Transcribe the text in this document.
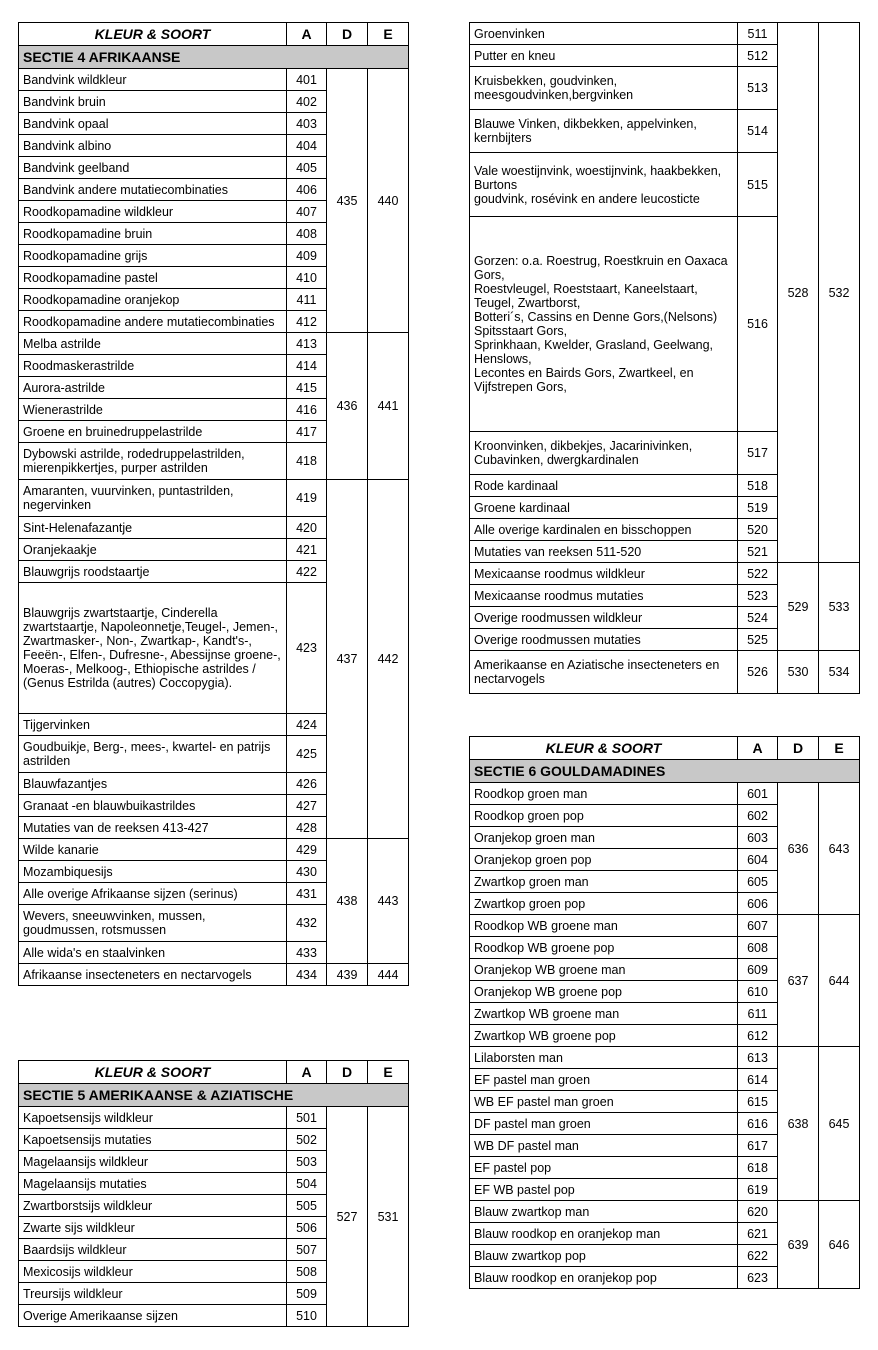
KLEUR & SOORT	A	D	E
SECTIE 4 AFRIKAANSE			
Bandvink wildkleur	401	435	440
Bandvink bruin	402		
Bandvink opaal	403		
Bandvink albino	404		
Bandvink geelband	405		
Bandvink andere mutatiecombinaties	406		
Roodkopamadine wildkleur	407		
Roodkopamadine bruin	408		
Roodkopamadine grijs	409		
Roodkopamadine pastel	410		
Roodkopamadine oranjekop	411		
Roodkopamadine andere mutatiecombinaties	412		
Melba astrilde	413	436	441
Roodmaskerastrilde	414		
Aurora-astrilde	415		
Wienerastrilde	416		
Groene en bruinedruppelastrilde	417		
Dybowski astrilde, rodedruppelastrilden, mierenpikkertjes, purper astrilden	418		
Amaranten, vuurvinken, puntastrilden, negervinken	419	437	442
Sint-Helenafazantje	420		
Oranjekaakje	421		
Blauwgrijs roodstaartje	422		
Blauwgrijs zwartstaartje, Cinderella zwartstaartje, Napoleonnetje,Teugel-, Jemen-, Zwartmasker-, Non-, Zwartkap-, Kandt's-, Feeën-, Elfen-, Dufresne-, Abessijnse groene-, Moeras-, Melkoog-, Ethiopische astrildes / (Genus Estrilda (autres) Coccopygia).	423		
Tijgervinken	424		
Goudbuikje, Berg-, mees-, kwartel- en patrijs astrilden	425		
Blauwfazantjes	426		
Granaat -en blauwbuikastrildes	427		
Mutaties van de reeksen 413-427	428		
Wilde kanarie	429	438	443
Mozambiquesijs	430		
Alle overige Afrikaanse sijzen (serinus)	431		
Wevers, sneeuwvinken, mussen, goudmussen, rotsmussen	432		
Alle wida's en staalvinken	433		
Afrikaanse insecteneters en nectarvogels	434	439	444
KLEUR & SOORT	A	D	E
SECTIE 5 AMERIKAANSE & AZIATISCHE			
Kapoetsensijs wildkleur	501	527	531
Kapoetsensijs mutaties	502		
Magelaansijs wildkleur	503		
Magelaansijs mutaties	504		
Zwartborstsijs wildkleur	505		
Zwarte sijs wildkleur	506		
Baardsijs wildkleur	507		
Mexicosijs wildkleur	508		
Treursijs wildkleur	509		
Overige Amerikaanse sijzen	510		
Groenvinken	511	528	532
Putter en kneu	512		
Kruisbekken, goudvinken, meesgoudvinken,bergvinken	513		
Blauwe Vinken, dikbekken, appelvinken, kernbijters	514		
Vale woestijnvink, woestijnvink, haakbekken, Burtons
goudvink, rosévink en andere leucosticte	515		
Gorzen: o.a. Roestrug, Roestkruin en Oaxaca Gors,
Roestvleugel, Roeststaart, Kaneelstaart, Teugel, Zwartborst,
Botteri´s, Cassins en Denne Gors,(Nelsons) Spitsstaart Gors,
Sprinkhaan, Kwelder, Grasland, Geelwang, Henslows,
Lecontes en Bairds Gors, Zwartkeel, en Vijfstrepen Gors,	516		
Kroonvinken, dikbekjes, Jacarinivinken, Cubavinken, dwergkardinalen	517		
Rode kardinaal	518		
Groene kardinaal	519		
Alle overige kardinalen en bisschoppen	520		
Mutaties van reeksen 511-520	521		
Mexicaanse roodmus wildkleur	522	529	533
Mexicaanse roodmus mutaties	523		
Overige roodmussen wildkleur	524		
Overige roodmussen mutaties	525		
Amerikaanse en Aziatische insecteneters en nectarvogels	526	530	534
KLEUR & SOORT	A	D	E
SECTIE 6 GOULDAMADINES			
Roodkop groen man	601	636	643
Roodkop groen pop	602		
Oranjekop groen man	603		
Oranjekop groen pop	604		
Zwartkop groen man	605		
Zwartkop groen pop	606		
Roodkop WB groene man	607	637	644
Roodkop WB groene pop	608		
Oranjekop WB groene man	609		
Oranjekop WB groene pop	610		
Zwartkop WB groene man	611		
Zwartkop WB groene pop	612		
Lilaborsten man	613	638	645
EF pastel man groen	614		
WB EF pastel man groen	615		
DF pastel man groen	616		
WB DF pastel man	617		
EF pastel pop	618		
EF WB pastel pop	619		
Blauw zwartkop man	620	639	646
Blauw roodkop en oranjekop man	621		
Blauw zwartkop pop	622		
Blauw roodkop en oranjekop pop	623		
